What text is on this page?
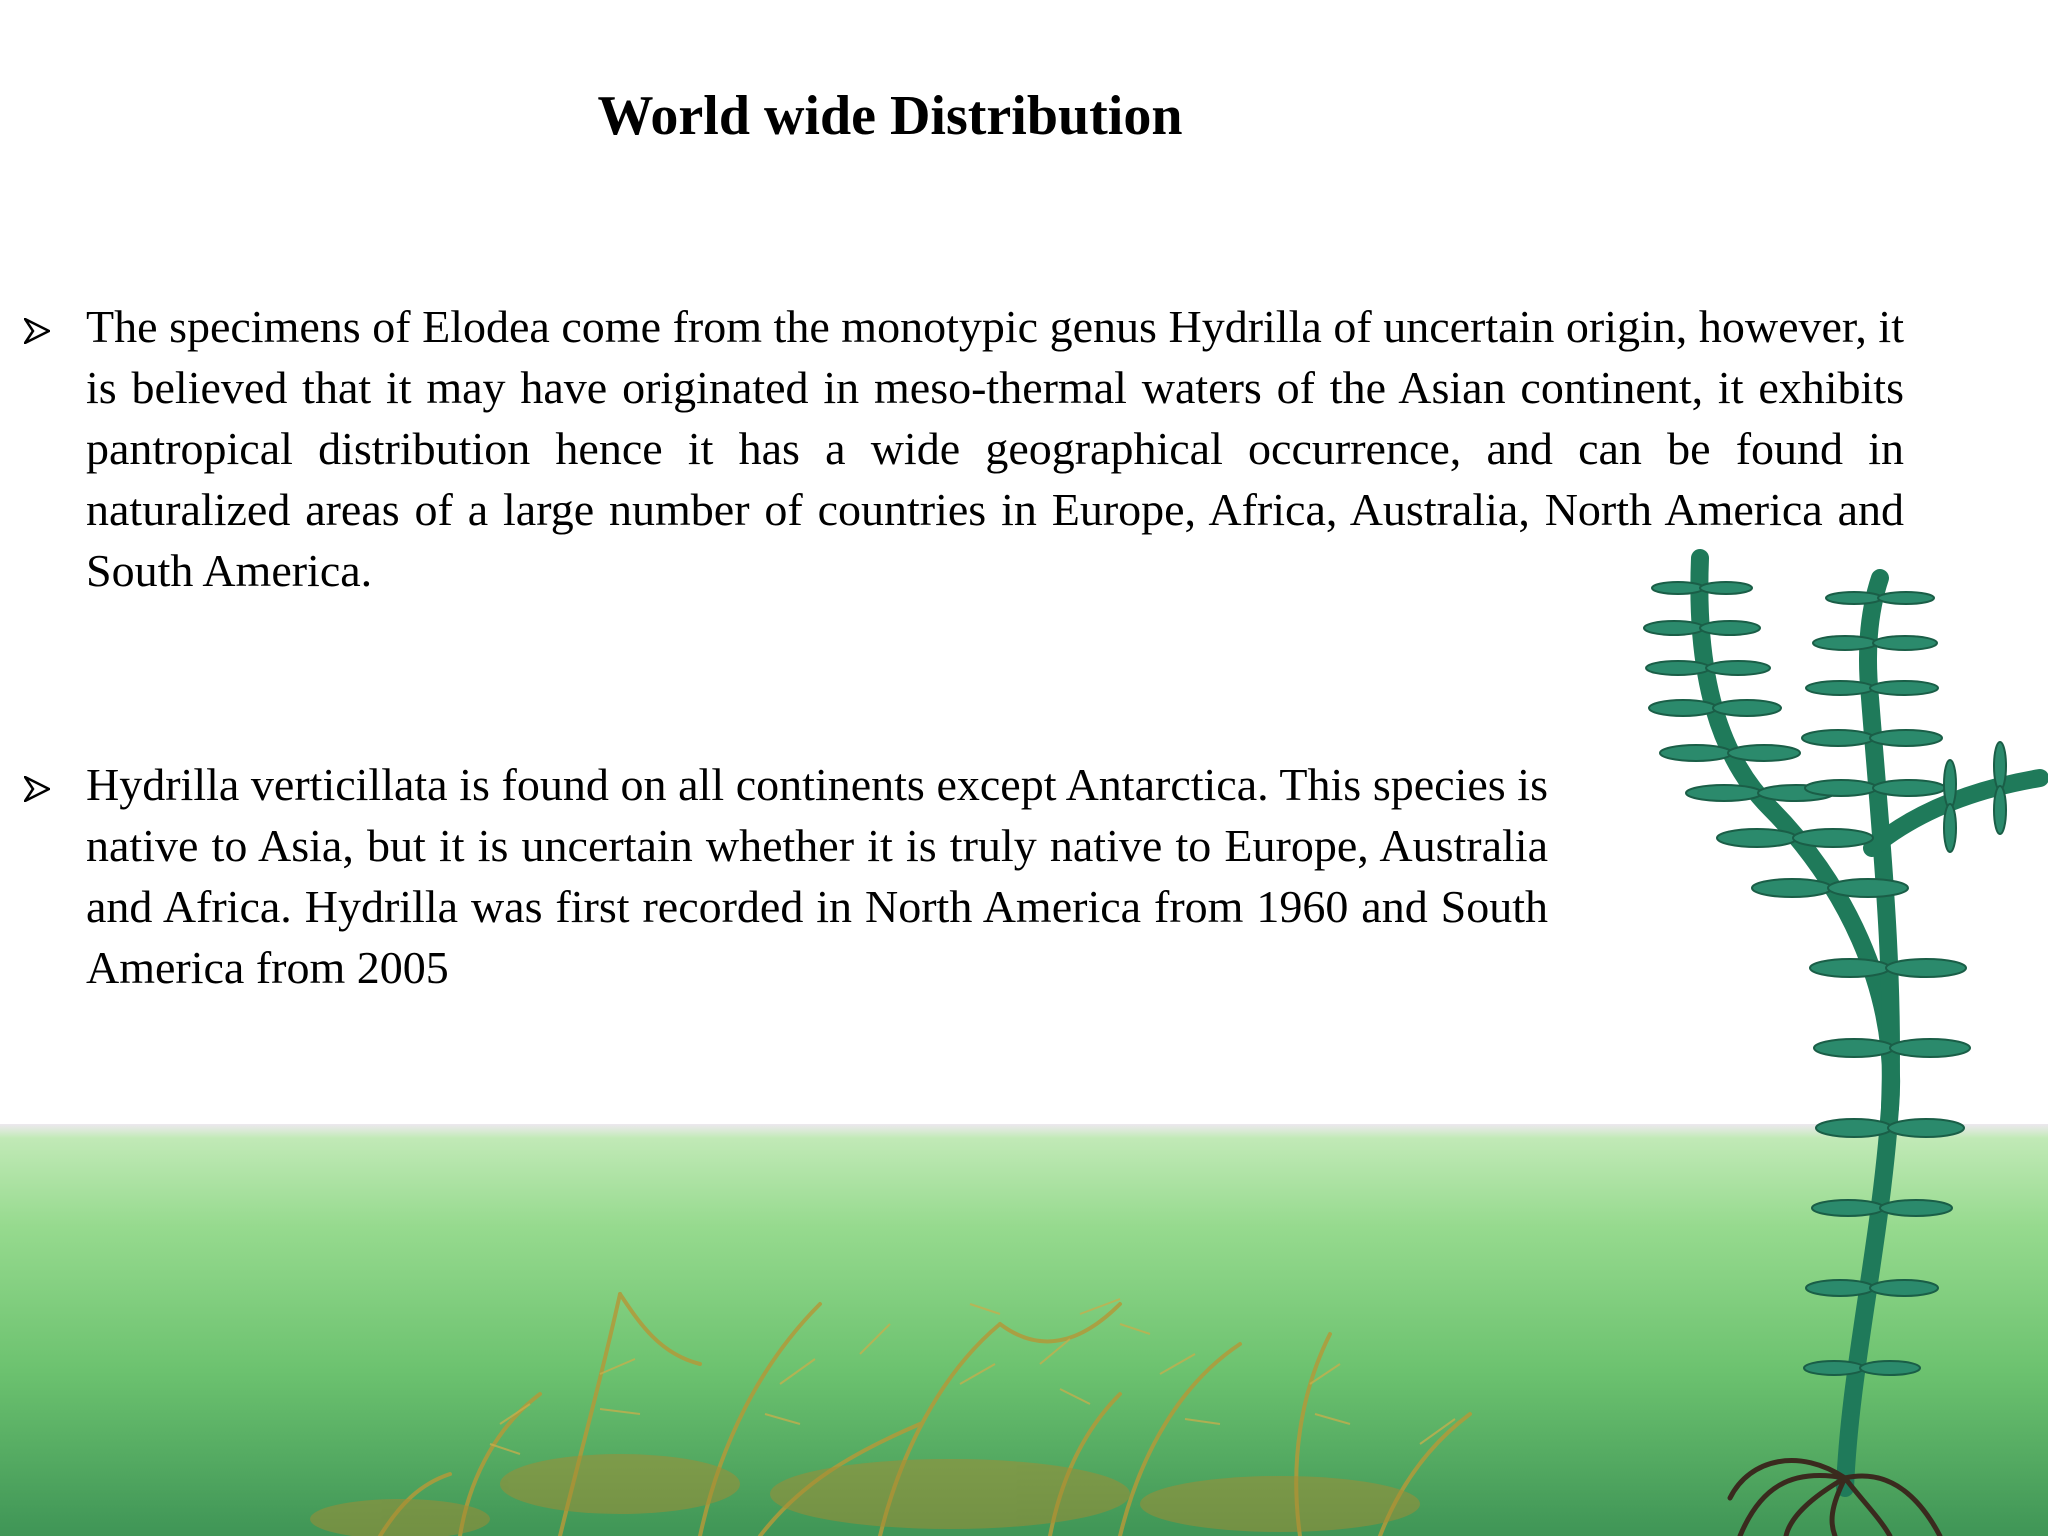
World wide Distribution
The specimens of Elodea come from the monotypic genus Hydrilla of uncertain origin, however, it is believed that it may have originated in meso-thermal waters of the Asian continent, it exhibits pantropical distribution hence it has a wide geographical occurrence, and can be found in naturalized areas of a large number of countries in Europe, Africa, Australia, North America and South America.
Hydrilla verticillata is found on all continents except Antarctica. This species is native to Asia, but it is uncertain whether it is truly native to Europe, Australia and Africa. Hydrilla was first recorded in North America from 1960 and South America from 2005
